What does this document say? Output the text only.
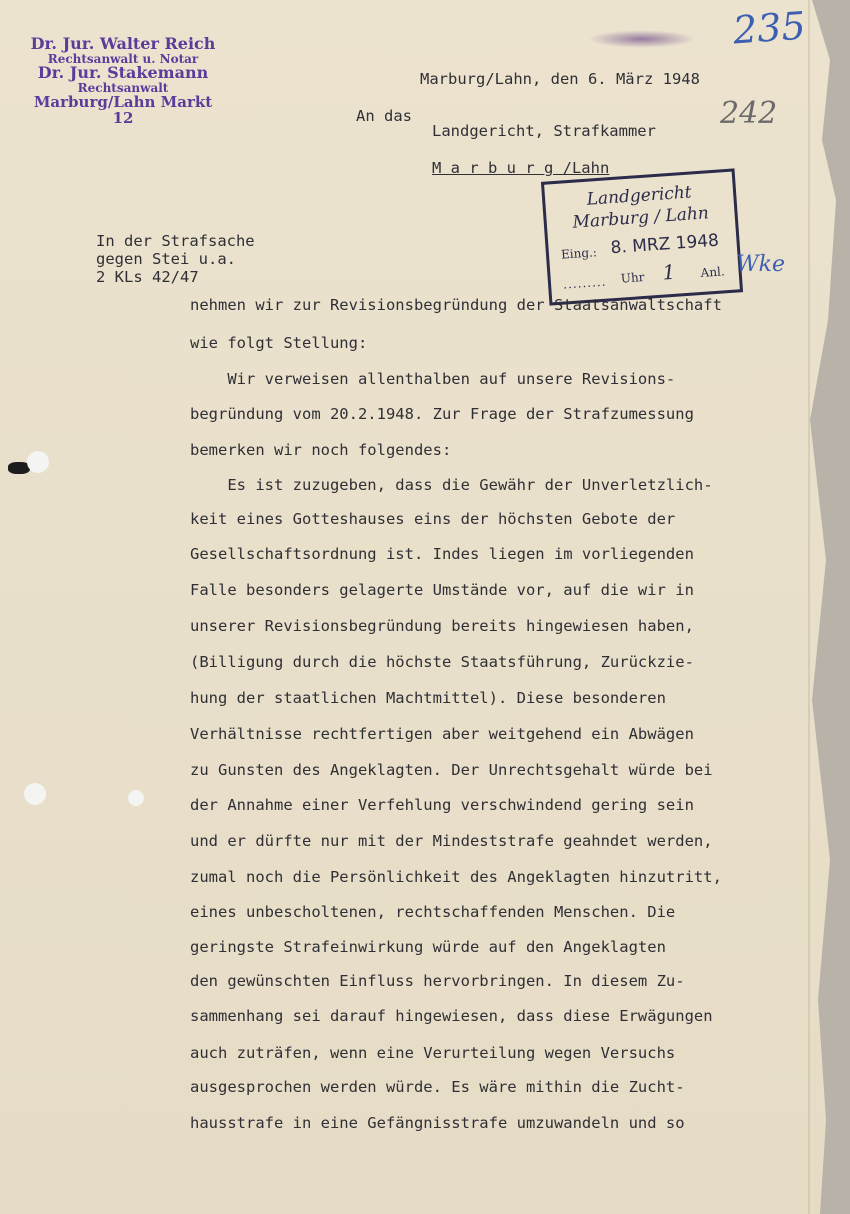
Dr. Jur. Walter Reich
Rechtsanwalt u. Notar
Dr. Jur. Stakemann
Rechtsanwalt
Marburg/Lahn Markt 12
235
242
Marburg/Lahn, den 6. März 1948
An das
Landgericht, Strafkammer
M a r b u r g /Lahn
Landgericht
Marburg / Lahn
Eing.: 8. MRZ 1948
......... Uhr 1 Anl. Wke
In der Strafsache
gegen Stei u.a.
2 KLs 42/47
nehmen wir zur Revisionsbegründung der Staatsanwaltschaft
wie folgt Stellung:
Wir verweisen allenthalben auf unsere Revisions-
begründung vom 20.2.1948. Zur Frage der Strafzumessung
bemerken wir noch folgendes:
Es ist zuzugeben, dass die Gewähr der Unverletzlich-
keit eines Gotteshauses eins der höchsten Gebote der
Gesellschaftsordnung ist. Indes liegen im vorliegenden
Falle besonders gelagerte Umstände vor, auf die wir in
unserer Revisionsbegründung bereits hingewiesen haben,
(Billigung durch die höchste Staatsführung, Zurückzie-
hung der staatlichen Machtmittel). Diese besonderen
Verhältnisse rechtfertigen aber weitgehend ein Abwägen
zu Gunsten des Angeklagten. Der Unrechtsgehalt würde bei
der Annahme einer Verfehlung verschwindend gering sein
und er dürfte nur mit der Mindeststrafe geahndet werden,
zumal noch die Persönlichkeit des Angeklagten hinzutritt,
eines unbescholtenen, rechtschaffenden Menschen. Die
geringste Strafeinwirkung würde auf den Angeklagten
den gewünschten Einfluss hervorbringen. In diesem Zu-
sammenhang sei darauf hingewiesen, dass diese Erwägungen
auch zuträfen, wenn eine Verurteilung wegen Versuchs
ausgesprochen werden würde. Es wäre mithin die Zucht-
hausstrafe in eine Gefängnisstrafe umzuwandeln und so
